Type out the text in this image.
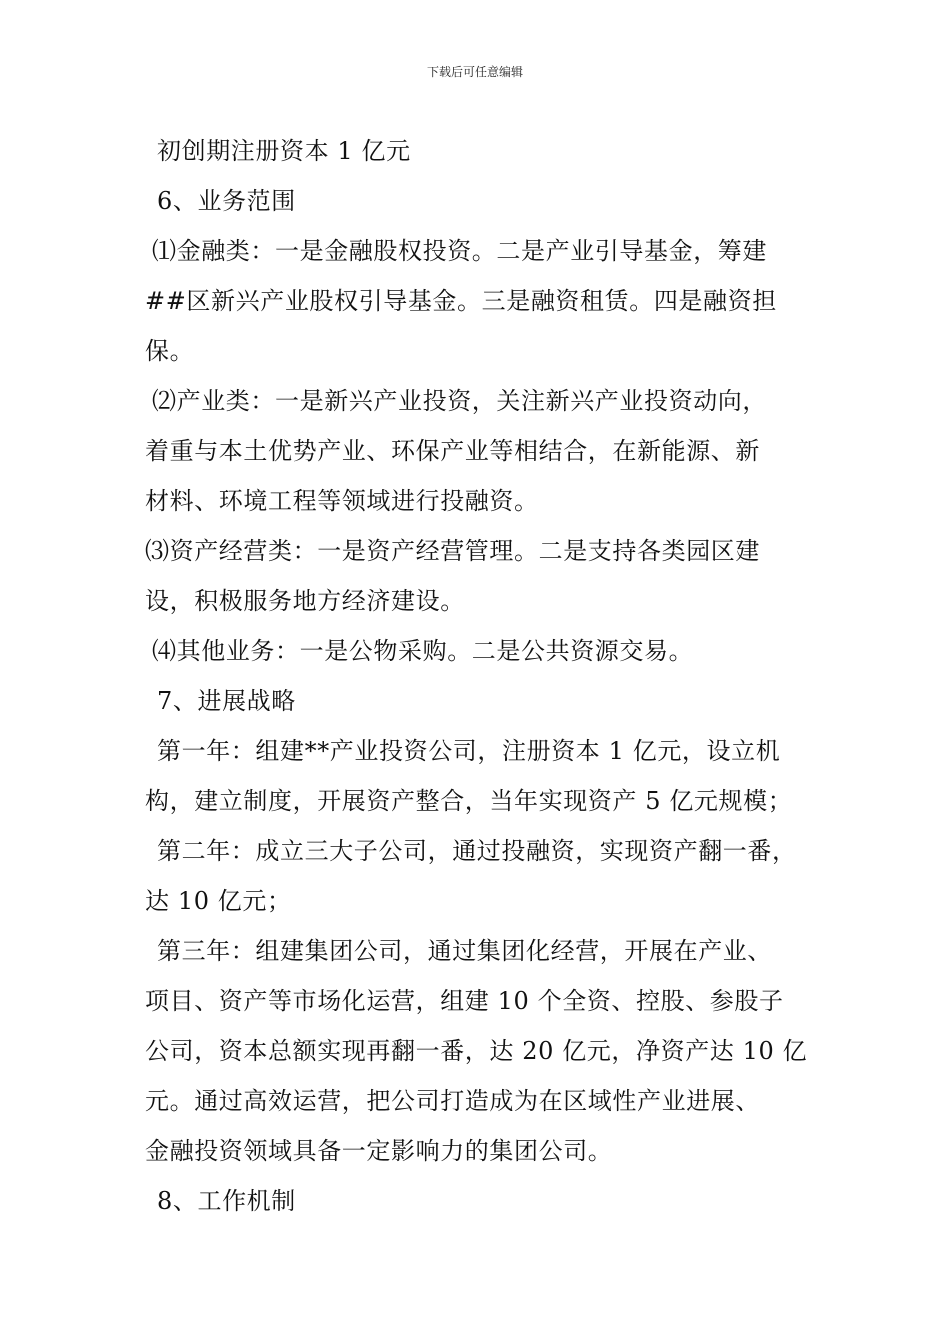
下载后可任意编辑
初创期注册资本 1 亿元
6、业务范围
⑴金融类：一是金融股权投资。二是产业引导基金，筹建
##区新兴产业股权引导基金。三是融资租赁。四是融资担
保。
⑵产业类：一是新兴产业投资，关注新兴产业投资动向，
着重与本土优势产业、环保产业等相结合，在新能源、新
材料、环境工程等领域进行投融资。
⑶资产经营类：一是资产经营管理。二是支持各类园区建
设，积极服务地方经济建设。
⑷其他业务：一是公物采购。二是公共资源交易。
7、进展战略
第一年：组建**产业投资公司，注册资本 1 亿元，设立机
构，建立制度，开展资产整合，当年实现资产 5 亿元规模；
第二年：成立三大子公司，通过投融资，实现资产翻一番，
达 10 亿元；
第三年：组建集团公司，通过集团化经营，开展在产业、
项目、资产等市场化运营，组建 10 个全资、控股、参股子
公司，资本总额实现再翻一番，达 20 亿元，净资产达 10 亿
元。通过高效运营，把公司打造成为在区域性产业进展、
金融投资领域具备一定影响力的集团公司。
8、工作机制
